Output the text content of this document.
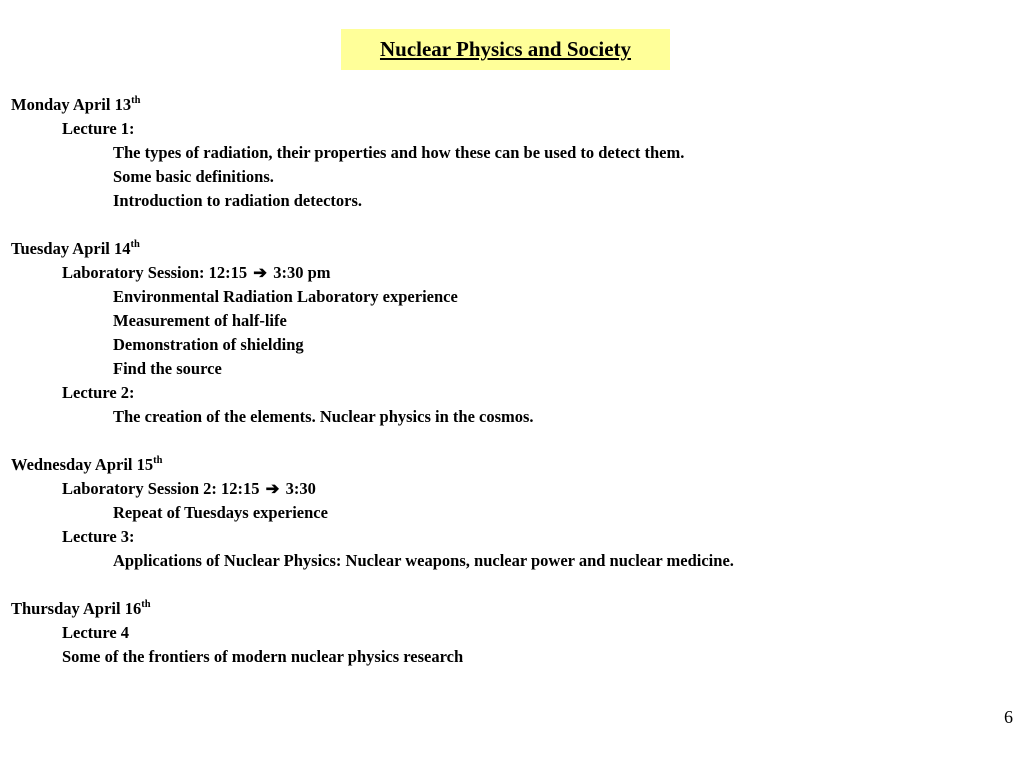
Nuclear Physics and Society
Monday April 13th
Lecture 1:
The types of radiation, their properties and how these can be used to detect them.
Some basic definitions.
Introduction to radiation detectors.
Tuesday April 14th
Laboratory Session: 12:15 ➔ 3:30 pm
Environmental Radiation Laboratory experience
Measurement of half-life
Demonstration of shielding
Find the source
Lecture 2:
The creation of the elements. Nuclear physics in the cosmos.
Wednesday April 15th
Laboratory Session 2: 12:15 ➔ 3:30
Repeat of Tuesdays experience
Lecture 3:
Applications of Nuclear Physics: Nuclear weapons, nuclear power and nuclear medicine.
Thursday April 16th
Lecture 4
Some of the frontiers of modern nuclear physics research
6
